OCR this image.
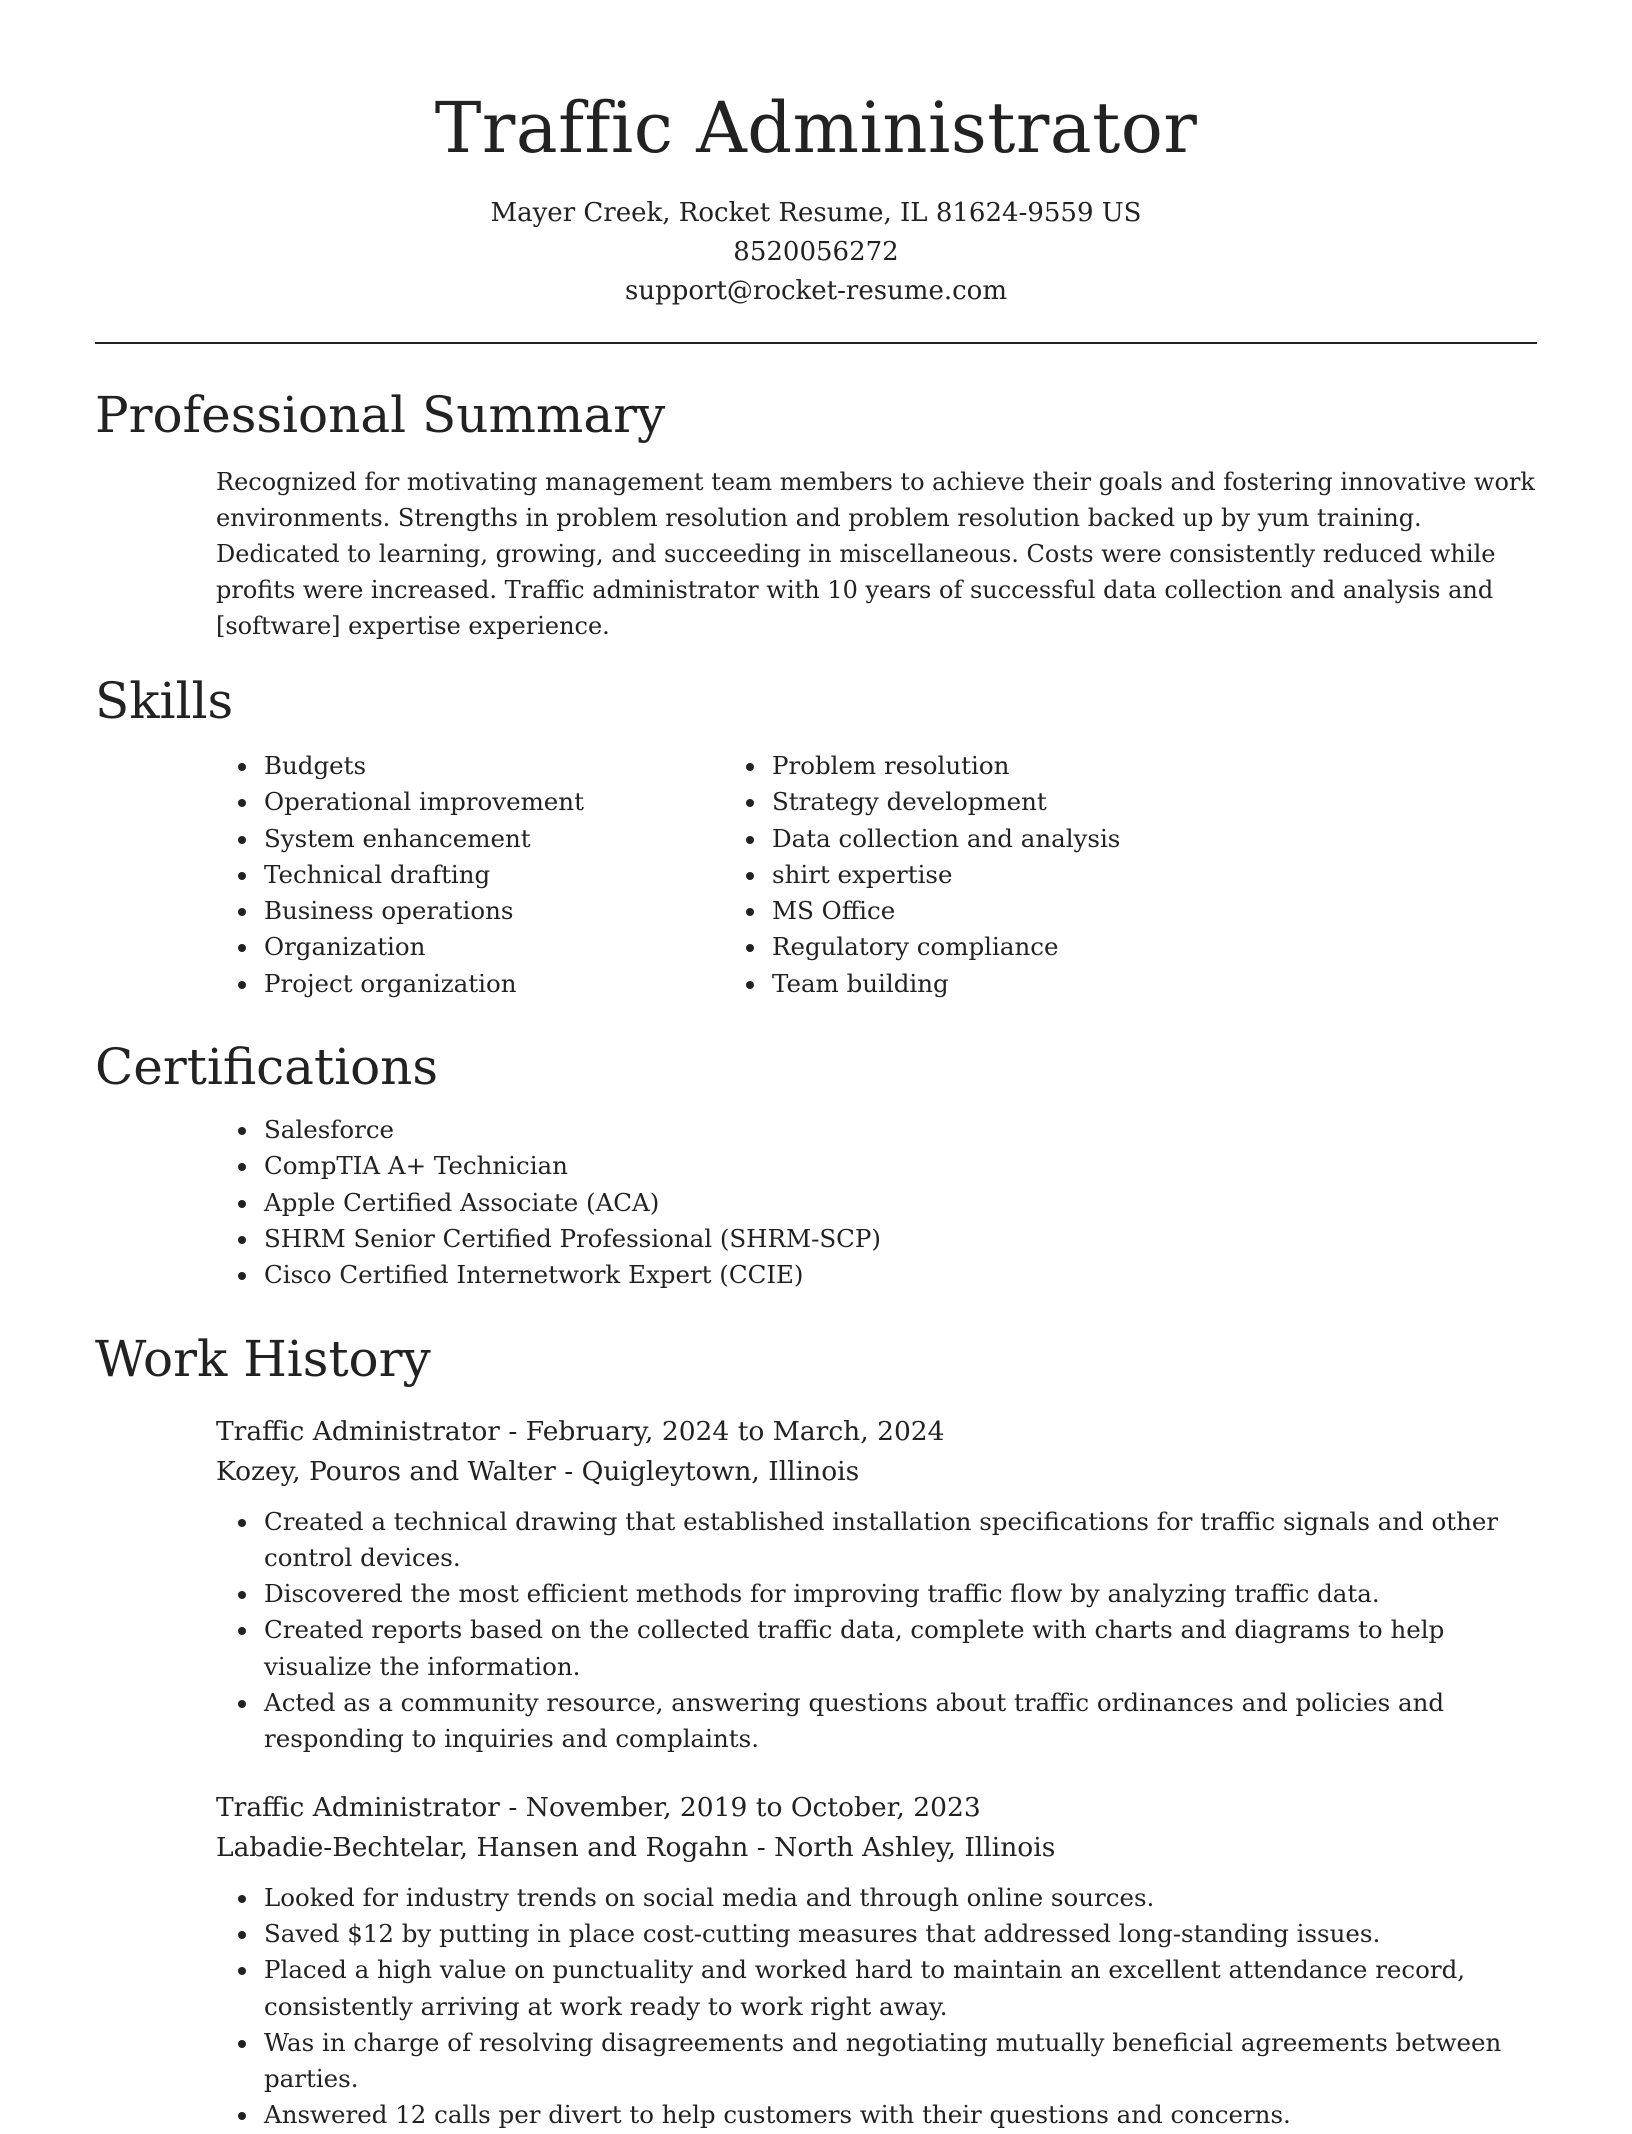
Traffic Administrator
Mayer Creek, Rocket Resume, IL 81624-9559 US
8520056272
support@rocket-resume.com
Professional Summary

Recognized for motivating management team members to achieve their goals and fostering innovative work environments. Strengths in problem resolution and problem resolution backed up by yum training. Dedicated to learning, growing, and succeeding in miscellaneous. Costs were consistently reduced while profits were increased. Traffic administrator with 10 years of successful data collection and analysis and [software] expertise experience.

Skills
• Budgets
• Operational improvement
• System enhancement
• Technical drafting
• Business operations
• Organization
• Project organization
• Problem resolution
• Strategy development
• Data collection and analysis
• shirt expertise
• MS Office
• Regulatory compliance
• Team building
Certifications
• Salesforce
• CompTIA A+ Technician
• Apple Certified Associate (ACA)
• SHRM Senior Certified Professional (SHRM-SCP)
• Cisco Certified Internetwork Expert (CCIE)
Work History
Traffic Administrator - February, 2024 to March, 2024
Kozey, Pouros and Walter - Quigleytown, Illinois
• Created a technical drawing that established installation specifications for traffic signals and other control devices.
• Discovered the most efficient methods for improving traffic flow by analyzing traffic data.
• Created reports based on the collected traffic data, complete with charts and diagrams to help visualize the information.
• Acted as a community resource, answering questions about traffic ordinances and policies and responding to inquiries and complaints.
Traffic Administrator - November, 2019 to October, 2023
Labadie-Bechtelar, Hansen and Rogahn - North Ashley, Illinois
• Looked for industry trends on social media and through online sources.
• Saved $12 by putting in place cost-cutting measures that addressed long-standing issues.
• Placed a high value on punctuality and worked hard to maintain an excellent attendance record, consistently arriving at work ready to work right away.
• Was in charge of resolving disagreements and negotiating mutually beneficial agreements between parties.
• Answered 12 calls per divert to help customers with their questions and concerns.
